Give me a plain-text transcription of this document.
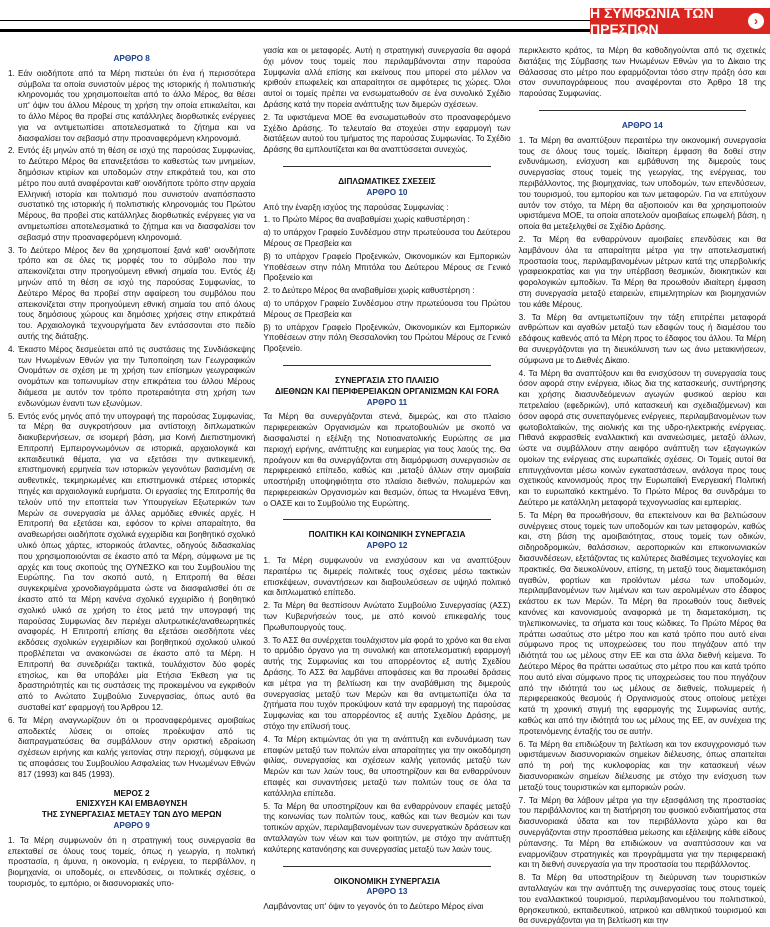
Η ΣΥΜΦΩΝΙΑ ΤΩΝ ΠΡΕΣΠΩΝ	›
ΑΡΘΡΟ 8
1. Εάν οιοδήποτε από τα Μέρη πιστεύει ότι ένα ή περισσότερα σύμβολα τα οποία συνιστούν μέρος της ιστορικής ή πολιτιστικής κληρονομιάς του χρησιμοποιείται από το άλλο Μέρος, θα θέσει υπ' όψιν του άλλου Μέρους τη χρήση την οποία επικαλείται, και το άλλο Μέρος θα προβεί στις κατάλληλες διορθωτικές ενέργειες για να αντιμετωπίσει αποτελεσματικά το ζήτημα και να διασφαλίσει τον σεβασμό στην προαναφερόμενη κληρονομιά.
2. Εντός έξι μηνών από τη θέση σε ισχύ της παρούσας Συμφωνίας, το Δεύτερο Μέρος θα επανεξετάσει το καθεστώς των μνημείων, δημόσιων κτιρίων και υποδομών στην επικράτειά του, και στο μέτρο που αυτά αναφέρονται καθ' οιονδήποτε τρόπο στην αρχαία Ελληνική ιστορία και πολιτισμό που συνιστούν αναπόσπαστο συστατικό της ιστορικής ή πολιτιστικής κληρονομιάς του Πρώτου Μέρους, θα προβεί στις κατάλληλες διορθωτικές ενέργειες για να αντιμετωπίσει αποτελεσματικά το ζήτημα και να διασφαλίσει τον σεβασμό στην προαναφερόμενη κληρονομιά.
3. Το Δεύτερο Μέρος δεν θα χρησιμοποιεί ξανά καθ' οιονδήποτε τρόπο και σε όλες τις μορφές του το σύμβολο που την απεικονίζεται στην προηγούμενη εθνική σημαία του. Εντός έξι μηνών από τη θέση σε ισχύ της παρούσας Συμφωνίας, το Δεύτερο Μέρος θα προβεί στην αφαίρεση του συμβόλου που απεικονίζεται στην προηγούμενη εθνική σημαία του από όλους τους δημόσιους χώρους και δημόσιες χρήσεις στην επικράτειά του. Αρχαιολογικά τεχνουργήματα δεν εντάσσονται στο πεδίο αυτής της διάταξης.
4. Έκαστο Μέρος δεσμεύεται από τις συστάσεις της Συνδιάσκεψης των Ηνωμένων Εθνών για την Τυποποίηση των Γεωγραφικών Ονομάτων σε σχέση με τη χρήση των επίσημων γεωγραφικών ονομάτων και τοπωνυμίων στην επικράτεια του άλλου Μέρους διάμεσα με αυτόν τον τρόπο προτεραιότητα στη χρήση των ενδωνύμων έναντι των εξωνύμων.
5. Εντός ενός μηνός από την υπογραφή της παρούσας Συμφωνίας, τα Μέρη θα συγκροτήσουν μια αντίστοιχη διπλωματικών διακυβερνήσεων, σε ισομερή βάση, μια Κοινή Διεπιστημονική Επιτροπή Εμπειρογνωμόνων σε ιστορικά, αρχαιολογικά και εκπαιδευτικά θέματα, για να εξετάσει την αντικειμενική, επιστημονική ερμηνεία των ιστορικών γεγονότων βασισμένη σε αυθεντικές, τεκμηριωμένες και επιστημονικά στέρεες ιστορικές πηγές και αρχαιολογικά ευρήματα. Οι εργασίες της Επιτροπής θα τελούν υπό την εποπτεία των Υπουργείων Εξωτερικών των Μερών σε συνεργασία με άλλες αρμόδιες εθνικές αρχές. Η Επιτροπή θα εξετάσει και, εφόσον το κρίνει απαραίτητο, θα αναθεωρήσει οιαδήποτε σχολικά εγχειρίδια και βοηθητικό σχολικό υλικό όπως χάρτες, ιστορικούς άτλαντες, οδηγούς διδασκαλίας που χρησιμοποιούνται σε έκαστο από τα Μέρη, σύμφωνα με τις αρχές και τους σκοπούς της ΟΥΝΕΣΚΟ και του Συμβουλίου της Ευρώπης. Για τον σκοπό αυτό, η Επιτροπή θα θέσει συγκεκριμένα χρονοδιαγράμματα ώστε να διασφαλισθεί ότι σε έκαστο από τα Μέρη κανένα σχολικό εγχειρίδιο ή βοηθητικό σχολικό υλικό σε χρήση το έτος μετά την υπογραφή της παρούσας Συμφωνίας δεν περιέχει αλυτρωτικές/αναθεωρητικές αναφορές. Η Επιτροπή επίσης θα εξετάσει οιεσδήποτε νέες εκδόσεις σχολικών εγχειριδίων και βοηθητικού σχολικού υλικού προβλέπεται να ανακοινώσει σε έκαστο από τα Μέρη. Η Επιτροπή θα συνεδριάζει τακτικά, τουλάχιστον δύο φορές ετησίως, και θα υποβάλει μία Ετήσια Έκθεση για τις δραστηριότητές και τις συστάσεις της προκειμένου να εγκριθούν από το Ανώτατο Συμβούλιο Συνεργασίας, όπως αυτό θα συσταθεί κατ' εφαρμογή του Άρθρου 12.
6. Τα Μέρη αναγνωρίζουν ότι οι προαναφερόμενες αμοιβαίως αποδεκτές λύσεις οι οποίες προέκυψαν από τις διαπραγματεύσεις θα συμβάλλουν στην οριστική εδραίωση σχέσεων ειρήνης και καλής γειτονίας στην περιοχή, σύμφωνα με τις αποφάσεις του Συμβουλίου Ασφαλείας των Ηνωμένων Εθνών 817 (1993) και 845 (1993).
ΜΕΡΟΣ 2
ΕΝΙΣΧΥΣΗ ΚΑΙ ΕΜΒΑΘΥΝΣΗ
ΤΗΣ ΣΥΝΕΡΓΑΣΙΑΣ ΜΕΤΑΞΥ ΤΩΝ ΔΥΟ ΜΕΡΩΝ
ΑΡΘΡΟ 9

1. Τα Μέρη συμφωνούν ότι η στρατηγική τους συνεργασία θα επεκταθεί σε όλους τους τομείς, όπως η γεωργία, η πολιτική προστασία, η άμυνα, η οικονομία, η ενέργεια, το περιβάλλον, η βιομηχανία, οι υποδομές, οι επενδύσεις, οι πολιτικές σχέσεις, ο τουρισμός, το εμπόριο, οι διασυνοριακές υπο-

γασία και οι μεταφορές. Αυτή η στρατηγική συνεργασία θα αφορά όχι μόνον τους τομείς που περιλαμβάνονται στην παρούσα Συμφωνία αλλά επίσης και εκείνους που μπορεί στο μέλλον να κριθούν επωφελείς και απαραίτητοι σε αμφότερες τις χώρες. Όλοι αυτοί οι τομείς πρέπει να ενσωματωθούν σε ένα συνολικό Σχέδιο Δράσης κατά την πορεία ανάπτυξης των διμερών σχέσεων.

2. Τα υφιστάμενα ΜΟΕ θα ενσωματωθούν στο προαναφερόμενο Σχέδιο Δράσης. Το τελευταίο θα στοχεύει στην εφαρμογή των διατάξεων αυτού του τμήματος της παρούσας Συμφωνίας. Το Σχέδιο Δράσης θα εμπλουτίζεται και θα αναπτύσσεται συνεχώς.

ΔΙΠΛΩΜΑΤΙΚΕΣ ΣΧΕΣΕΙΣ
ΑΡΘΡΟ 10

Από την έναρξη ισχύος της παρούσας Συμφωνίας :

1. το Πρώτο Μέρος θα αναβαθμίσει χωρίς καθυστέρηση :

α) το υπάρχον Γραφείο Συνδέσμου στην πρωτεύουσα του Δεύτερου Μέρους σε Πρεσβεία και

β) το υπάρχον Γραφείο Προξενικών, Οικονομικών και Εμπορικών Υποθέσεων στην πόλη Μπιτόλα του Δεύτερου Μέρους σε Γενικό Προξενείο και

2. το Δεύτερο Μέρος θα αναβαθμίσει χωρίς καθυστέρηση :

α) το υπάρχον Γραφείο Συνδέσμου στην πρωτεύουσα του Πρώτου Μέρους σε Πρεσβεία και

β) το υπάρχον Γραφείο Προξενικών, Οικονομικών και Εμπορικών Υποθέσεων στην πόλη Θεσσαλονίκη του Πρώτου Μέρους σε Γενικό Προξενείο.

ΣΥΝΕΡΓΑΣΙΑ ΣΤΟ ΠΛΑΙΣΙΟ
ΔΙΕΘΝΩΝ ΚΑΙ ΠΕΡΙΦΕΡΕΙΑΚΩΝ ΟΡΓΑΝΙΣΜΩΝ ΚΑΙ FORA
ΑΡΘΡΟ 11

Τα Μέρη θα συνεργάζονται στενά, διμερώς, και στο πλαίσιο περιφερειακών Οργανισμών και πρωτοβουλιών με σκοπό να διασφαλιστεί η εξέλιξη της Νοτιοανατολικής Ευρώπης σε μια περιοχή ειρήνης, ανάπτυξης και ευημερίας για τους λαούς της. Θα προάγουν και θα συνεργάζονται στη διαμόρφωση συνεργασιών σε περιφερειακό επίπεδο, καθώς και ,μεταξύ άλλων στην αμοιβαία υποστήριξη υποψηφιότητα στο πλαίσιο διεθνών, πολυμερών και περιφερειακών Οργανισμών και θεσμών, όπως τα Ηνωμένα Έθνη, ο ΟΑΣΕ και το Συμβούλιο της Ευρώπης.

ΠΟΛΙΤΙΚΗ ΚΑΙ ΚΟΙΝΩΝΙΚΗ ΣΥΝΕΡΓΑΣΙΑ
ΑΡΘΡΟ 12

1. Τα Μέρη συμφωνούν να ενισχύσουν και να αναπτύξουν περαιτέρω τις διμερείς πολιτικές τους σχέσεις μέσω τακτικών επισκέψεων, συναντήσεων και διαβουλεύσεων σε υψηλό πολιτικό και διπλωματικό επίπεδο.

2. Τα Μέρη θα θεσπίσουν Ανώτατο Συμβούλιο Συνεργασίας (ΑΣΣ) των Κυβερνήσεών τους, με από κοινού επικεφαλής τους Πρωθυπουργούς τους.

3. Το ΑΣΣ θα συνέρχεται τουλάχιστον μία φορά το χρόνο και θα είναι το αρμόδιο όργανο για τη συνολική και αποτελεσματική εφαρμογή αυτής της Συμφωνίας και του απορρέοντος εξ αυτής Σχεδίου Δράσης. Το ΑΣΣ θα λαμβάνει αποφάσεις και θα προωθεί δράσεις και μέτρα για τη βελτίωση και την αναβάθμιση της διμερούς συνεργασίας μεταξύ των Μερών και θα αντιμετωπίζει όλα τα ζητήματα που τυχόν προκύψουν κατά την εφαρμογή της παρούσας Συμφωνίας και του απορρέοντος εξ αυτής Σχεδίου Δράσης, με στόχο την επίλυσή τους.

4. Τα Μέρη εκτιμώντας ότι για τη ανάπτυξη και ενδυνάμωση των επαφών μεταξύ των πολιτών είναι απαραίτητες για την οικοδόμηση φιλίας, συνεργασίας και σχέσεων καλής γειτονιάς μεταξύ των Μερών και των λαών τους, θα υποστηρίζουν και θα ενθαρρύνουν επαφές και συναντήσεις μεταξύ των πολιτών τους σε όλα τα κατάλληλα επίπεδα.

5. Τα Μέρη θα υποστηρίζουν και θα ενθαρρύνουν επαφές μεταξύ της κοινωνίας των πολιτών τους, καθώς και των θεσμών και των τοπικών αρχών, περιλαμβανομένων των συνεργατικών δράσεων και ανταλλαγών των νέων και των φοιτητών, με στόχο την ανάπτυξη καλύτερης κατανόησης και συνεργασίας μεταξύ των λαών τους.

ΟΙΚΟΝΟΜΙΚΗ ΣΥΝΕΡΓΑΣΙΑ
ΑΡΘΡΟ 13

Λαμβάνοντας υπ' όψιν το γεγονός ότι το Δεύτερο Μέρος είναι

περικλειστο κράτος, τα Μέρη θα καθοδηγούνται από τις σχετικές διατάξεις της Σύμβασης των Ηνωμένων Εθνών για το Δίκαιο της Θάλασσας στο μέτρο που εφαρμόζονται τόσο στην πράξη όσο και στον συνυπογράφειους που αναφέρονται στο Άρθρο 18 της παρούσας Συμφωνίας.

ΑΡΘΡΟ 14

1. Τα Μέρη θα αναπτύξουν περαιτέρω την οικονομική συνεργασία τους σε όλους τους τομείς. Ιδιαίτερη έμφαση θα δοθεί στην ενδυνάμωση, ενίσχυση και εμβάθυνση της διμερούς τους συνεργασίας στους τομείς της γεωργίας, της ενέργειας, του περιβάλλοντος, της βιομηχανίας, των υποδομών, των επενδύσεων, του τουρισμού, του εμπορίου και των μεταφορών. Για να επιτύχουν αυτόν τον στόχο, τα Μέρη θα αξιοποιούν και θα χρησιμοποιούν υφιστάμενα ΜΟΕ, τα οποία αποτελούν αμοιβαίως επωφελή βάση, η οποία θα μετεξελιχθεί σε Σχέδιο Δράσης.

2. Τα Μέρη θα ενθαρρύνουν αμοιβαίες επενδύσεις και θα λαμβάνουν όλα τα απαραίτητα μέτρα για την αποτελεσματική προστασία τους, περιλαμβανομένων μέτρων κατά της υπερβολικής γραφειοκρατίας και για την υπέρβαση θεσμικών, διοικητικών και φορολογικών εμποδίων. Τα Μέρη θα προωθούν ιδιαίτερη έμφαση στη συνεργασία μεταξύ εταιρειών, επιμελητηρίων και βιομηχανιών του κάθε Μέρους.

3. Τα Μέρη θα αντιμετωπίζουν την τάξη επιτρέπει μεταφορά ανθρώπων και αγαθών μεταξύ των εδαφών τους ή διαμέσου του εδάφους καθενός από τα Μέρη προς το έδαφος του άλλου. Τα Μέρη θα συνεργάζονται για τη διευκόλυνση των ως άνω μετακινήσεων, σύμφωνα με το Διεθνές Δίκαιο.

4. Τα Μέρη θα αναπτύξουν και θα ενισχύσουν τη συνεργασία τους όσον αφορά στην ενέργεια, ιδίως δια της κατασκευής, συντήρησης και χρήσης διασυνδεόμενων αγωγών φυσικού αερίου και πετρελαίου (εφεδρικών), υπό κατασκευή και σχεδιαζόμενων) και όσον αφορά στις συνεπαγόμενες ενέργειες, περιλαμβανομένων των φωτοβολταϊκών, της αιολικής και της υδρο-ηλεκτρικής ενέργειας. Πιθανά εκφρασθείς εναλλακτική και ανανεώσιμες, μεταξύ άλλων, ώστε να συμβάλλουν στην αειφόρο ανάπτυξη των εξαγωγικών ομοίων της ενέργειας στις ευρωπαϊκές σχέσεις. Οι Τομείς αυτοί θα επιτυγχάνονται μέσω κοινών εγκαταστάσεων, ανάλογα προς τους σχετικούς κανονισμούς προς την Ευρωπαϊκή Ενεργειακή Πολιτική και το ευρωπαϊκό κεκτημένο. Το Πρώτο Μέρος θα συνδράμει το Δεύτερο με κατάλληλη μεταφορά τεχνογνωσίας και εμπειρίας.

5. Τα Μέρη θα προωθήσουν, θα επεκτείνουν και θα βελτιώσουν συνέργειες στους τομείς των υποδομών και των μεταφορών, καθώς και, στη βάση της αμοιβαιότητας, στους τομείς των οδικών, σιδηροδρομικών, θαλάσσιων, αεροπορικών και επικοινωνιακών διασυνδέσεων, εξετάζοντας τις καλύτερες διαθέσιμες τεχνολογίες και πρακτικές. Θα διευκολύνουν, επίσης, τη μεταξύ τους διαμετακόμιση αγαθών, φορτίων και προϊόντων μέσω των υποδομών, περιλαμβανομένων των λιμένων και των αερολιμένων στο έδαφος εκάστου εκ των Μερών. Τα Μέρη θα προωθούν τους διεθνείς κανόνες και κανονισμούς αναφορικά με τη διαμετακόμιση, τις τηλεπικοινωνίες, τα σήματα και τους κώδικες. Το Πρώτο Μέρος θα πράττει ωσαύτως στο μέτρο που και κατά τρόπο που αυτό είναι σύμφωνο προς τις υποχρεώσεις του που πηγάζουν από την ιδιότητά του ως μέλους στην ΕΕ και στα άλλα διεθνή κείμενα. Το Δεύτερο Μέρος θα πράττει ωσαύτως στο μέτρο που και κατά τρόπο που αυτό είναι σύμφωνο προς τις υποχρεώσεις του που πηγάζουν από την ιδιότητά του ως μέλους σε διεθνείς, πολυμερείς ή περιφερειακούς θεσμούς ή Οργανισμούς στους οποίους μετέχει κατά τη χρονική στιγμή της εφαρμογής της Συμφωνίας αυτής, καθώς και από την ιδιότητά του ως μέλους της ΕΕ, αν συνέχεια της προτεινόμενης ένταξής του σε αυτήν.

6. Τα Μέρη θα επιδιώξουν τη βελτίωση και τον εκσυγχρονισμό των υφιστάμενων διασυνοριακών σημείων διέλευσης, όπως απαιτείται από τη ροή της κυκλοφορίας και την κατασκευή νέων διασυνοριακών σημείων διέλευσης με στόχο την ενίσχυση των μεταξύ τους τουριστικών και εμπορικών ροών.

7. Τα Μέρη θα λάβουν μέτρα για την εξασφάλιση της προστασίας του περιβάλλοντος και τη διατήρηση του φυσικού ενδιαιτήματος στα διασυνοριακά ύδατα και τον περιβάλλοντα χώρο και θα συνεργάζονται στην προσπάθεια μείωσης και εξάλειψης κάθε είδους ρύπανσης. Τα Μέρη θα επιδιώκουν να αναπτύσσουν και να εναρμονίζουν στρατηγικές και προγράμματα για την περιφερειακή και τη διεθνή συνεργασία για την προστασία του περιβάλλοντος.

8. Τα Μέρη θα υποστηρίξουν τη διεύρυνση των τουριστικών ανταλλαγών και την ανάπτυξη της συνεργασίας τους στους τομείς του εναλλακτικού τουρισμού, περιλαμβανομένου του πολιτιστικού, θρησκευτικού, εκπαιδευτικού, ιατρικού και αθλητικού τουρισμού και θα συνεργάζονται για τη βελτίωση και την
